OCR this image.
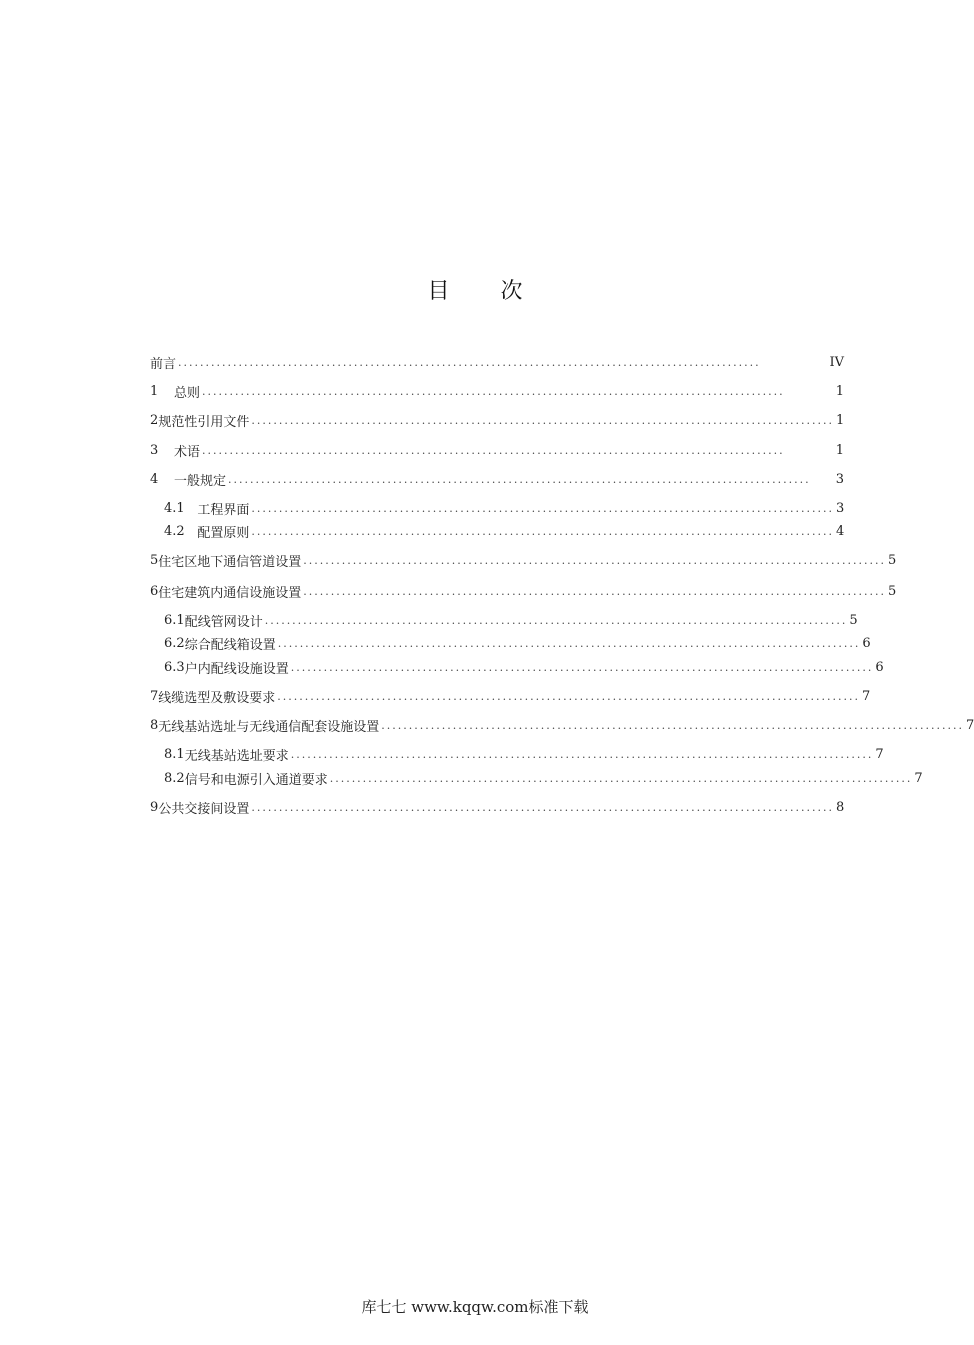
目 次
前言 ..........................................................................................................	IV
1	总则 ..........................................................................................................	1
2 规范性引用文件 .......................................................................................................... 1
3	术语 ..........................................................................................................	1
4	一般规定 ..........................................................................................................	3
4.1 工程界面 .......................................................................................................... 3
4.2 配置原则 .......................................................................................................... 4
5 住宅区地下通信管道设置 .......................................................................................................... 5
6 住宅建筑内通信设施设置 .......................................................................................................... 5
6.1 配线管网设计 .......................................................................................................... 5
6.2 综合配线箱设置 .......................................................................................................... 6
6.3 户内配线设施设置 .......................................................................................................... 6
7 线缆选型及敷设要求 .......................................................................................................... 7
8 无线基站选址与无线通信配套设施设置 .......................................................................................................... 7
8.1 无线基站选址要求 .......................................................................................................... 7
8.2 信号和电源引入通道要求 .......................................................................................................... 7
9 公共交接间设置 .......................................................................................................... 8
库七七 www.kqqw.com标准下载
